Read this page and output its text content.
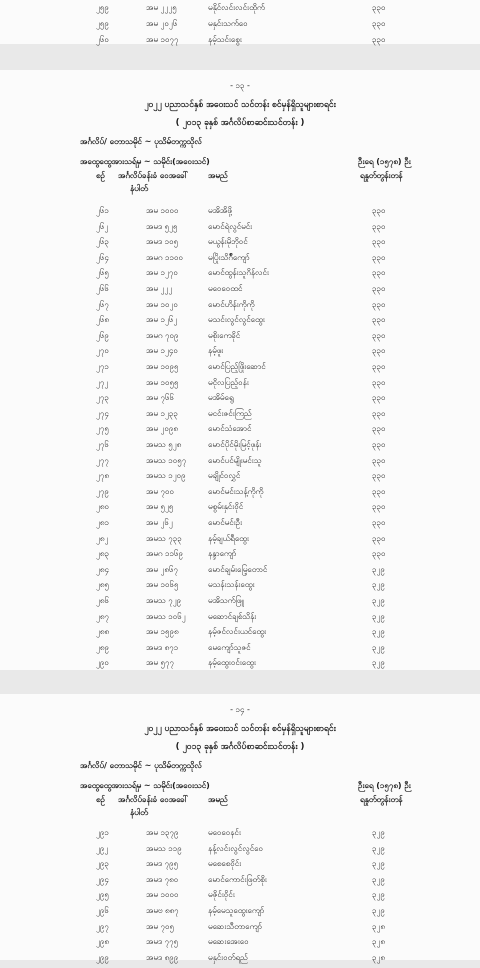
၂၅၉	အမ ၂၂၂၅	မနိုင်လင်းလင်းထိုက်	၃၃၀
၂၅၉	အမ ၂၀၂၆	မနှင်းသက်ဝေ	၃၃၀
၂၆၀	အမ ၁၀၇၇	နမ့်သင်းစွေး	၃၃၀
- ၁၃ -
၂၀၂၂ ပညာသင်နှစ် အဝေးသင် သင်တန်း စင်မှန်ရှိသူများစာရင်း
( ၂၀၁၃ ခုနှစ် အင်္ဂလိပ်စာဆင်းသင်တန်း )
အင်္ဂလိပ်/ တောသမိုင် ~ ပုသိမ်တက္ကသိုလ်
အထွေထွေအားသရ်မှ ~ သမိုင်း(အဝေးသင်)	ဉီးရေ (၁၅၇၈) ဉီး
စဉ် အင်္ဂလိပ်ခန်းခံ ဝေအခေါ်
နံပါတ်
အမည်	ရနှုတ်တွန်းတန်
၂၆၁	အမ ၁၀၀၀	မအိအိဖို့	၃၃၀
၂၆၂	အမဒ ၅၂၅	မောင်ရဲလွင်မင်း	၃၃၀
၂၆၃	အမဒ ၁၀၅	မယွန်းမိုဘိုဝင်	၃၃၀
၂၆၄	အမဂ ၁၁၀၀	မပြိုးသိဂ်ိဳကျော်	၃၃၀
၂၆၅	အမ ၁၂၇၀	မောင်ထွန်းသူဂိန်လင်း	၃၃၀
၂၆၆	အမ ၂၂၂	မဝေဝေထင်	၃၃၀
၂၆၇	အမ ၁၀၂၀	မောင်ဟိန်းကိုကို	၃၃၀
၂၆၈	အမ ၁၂၆၂	မသင်းလွင်လွင်ထွေး	၃၃၀
၂၆၉	အမဂ ၇၀၉	မစိုးကေခိုင်	၃၃၀
၂၇၀	အမ ၁၂၄၀	နမ့်ဖူး	၃၃၀
၂၇၁	အမ ၁၀၉၅	မောင်ပြည့်ဖြိုးဆောင်	၃၃၀
၂၇၂	အမ ၁၀၅၅	မငိုလပြည့်ဝန်း	၃၃၀
၂၇၃	အမ ၇၆၆	မအိမ်ရွေ	၃၃၀
၂၇၄	အမ ၁၂၃၃	မငင်းဇင်းကြည်	၃၃၀
၂၇၅	အမ ၂၀၉၈	မောင်သံအောင်	၃၃၀
၂၇၆	အမသ ၅၂၈	မောင်ပိုင်မိုးမြင့်ဖုန်း	၃၃၀
၂၇၇	အမသ ၁၀၅၇	မောင်ပင်မျိုးမင်းသူ	၃၃၀
၂၇၈	အမသ ၁၂၀၉	မချိုင်ဝလွှင်	၃၃၀
၂၇၉	အမ ၇၀၀	မောင်မင်းသန့်ကိုကို	၃၃၀
၂၈၀	အမ ၅၂၅	မစွမ်းနှင်းဝိုင်	၃၃၀
၂၈၁	အမ ၂၆၂	မောင်မင်းဦး	၃၃၀
၂၈၂	အမသ ၇၃၃	နမ့်ချယ်ရီထွေး	၃၃၀
၂၈၃	အမဂ ၁၁၆၉	နန္ဒာကျော်	၃၃၀
၂၈၄	အမ ၂၈၆၇	မောင်ချမ်းမြေ့တောင်	၃၂၉
၂၈၅	အမ ၁၀၆၅	မသန်းသန်းထွေး	၃၂၉
၂၈၆	အမသ ၇၂၉	မအိသက်ဖြူ	၃၂၉
၂၈၇	အမသ ၁၀၆၂	မဆောင်ချစ်သိန်း	၃၂၉
၂၈၈	အမ ၁၅၉၈	နမ့်ဇင်လင်းယင်ထွေး	၃၂၉
၂၈၉	အမဒ ၈၇၁	မေကျော်သူဇင်	၃၂၉
၂၉၀	အမ ၅၇၇	နမ့်ထွေးဝင်းထွေး	၃၂၉
- ၁၄ -
၂၀၂၂ ပညာသင်နှစ် အဝေးသင် သင်တန်း စင်မှန်ရှိသူများစာရင်း
( ၂၀၁၃ ခုနှစ် အင်္ဂလိပ်စာဆင်းသင်တန်း )
အင်္ဂလိပ်/ တောသမိုင် ~ ပုသိမ်တက္ကသိုလ်
အထွေထွေအားသရ်မှ ~ သမိုင်း(အဝေးသင်)	ဉီးရေ (၁၅၇၈) ဉီး
စဉ် အင်္ဂလိပ်ခန်းခံ ဝေအခေါ်
နံပါတ်
အမည်	ရနှုတ်တွန်းတန်
၂၉၁	အမ ၁၃၇၉	မဝေဝေနင်း	၃၂၉
၂၉၂	အမသ ၁၁၉	နန့်လင်းလွင်လွင်ဝေ	၃၂၉
၂၉၃	အမဒ ၇၉၅	မစေစေဝိုင်း	၃၂၉
၂၉၄	အမဒ ၇၈၀	မောင်ကောင်းဖြတ်စိုး	၃၂၉
၂၉၅	အမ ၁၀၀၀	မဇိုင်းဝိုင်း	၃၂၉
၂၉၆	အမဗ ၈၈၇	နမ့်မေသူထွေးကျော်	၃၂၉
၂၉၇	အမ ၇၀၅	မဆေးသီတာကျော်	၃၂၈
၂၉၈	အမဒ ၇၇၅	မဆေးအေးဝေ	၃၂၈
၂၉၉	အမဒ ၈၉၉	မနှင်းဝတ်ရည်	၃၂၈
